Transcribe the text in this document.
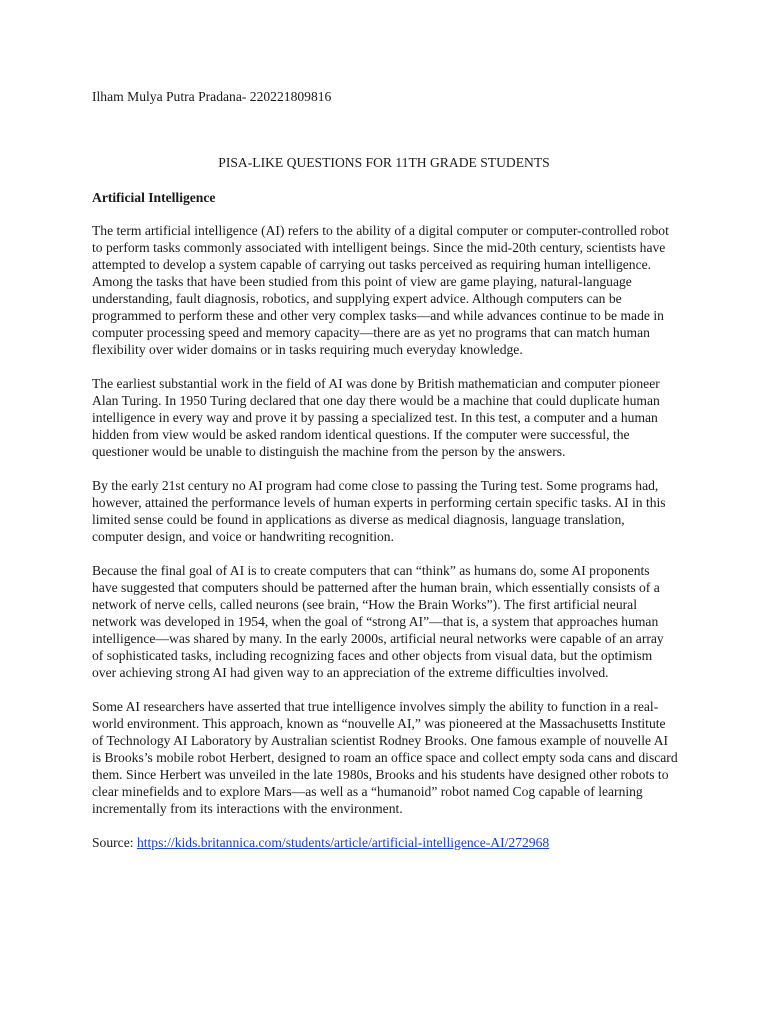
Ilham Mulya Putra Pradana- 220221809816

PISA-LIKE QUESTIONS FOR 11TH GRADE STUDENTS

Artificial Intelligence

The term artificial intelligence (AI) refers to the ability of a digital computer or computer-controlled robot to perform tasks commonly associated with intelligent beings. Since the mid-20th century, scientists have attempted to develop a system capable of carrying out tasks perceived as requiring human intelligence. Among the tasks that have been studied from this point of view are game playing, natural-language understanding, fault diagnosis, robotics, and supplying expert advice. Although computers can be programmed to perform these and other very complex tasks—and while advances continue to be made in computer processing speed and memory capacity—there are as yet no programs that can match human flexibility over wider domains or in tasks requiring much everyday knowledge.

The earliest substantial work in the field of AI was done by British mathematician and computer pioneer Alan Turing. In 1950 Turing declared that one day there would be a machine that could duplicate human intelligence in every way and prove it by passing a specialized test. In this test, a computer and a human hidden from view would be asked random identical questions. If the computer were successful, the questioner would be unable to distinguish the machine from the person by the answers.

By the early 21st century no AI program had come close to passing the Turing test. Some programs had, however, attained the performance levels of human experts in performing certain specific tasks. AI in this limited sense could be found in applications as diverse as medical diagnosis, language translation, computer design, and voice or handwriting recognition.

Because the final goal of AI is to create computers that can “think” as humans do, some AI proponents have suggested that computers should be patterned after the human brain, which essentially consists of a network of nerve cells, called neurons (see brain, “How the Brain Works”). The first artificial neural network was developed in 1954, when the goal of “strong AI”—that is, a system that approaches human intelligence—was shared by many. In the early 2000s, artificial neural networks were capable of an array of sophisticated tasks, including recognizing faces and other objects from visual data, but the optimism over achieving strong AI had given way to an appreciation of the extreme difficulties involved.

Some AI researchers have asserted that true intelligence involves simply the ability to function in a real-world environment. This approach, known as “nouvelle AI,” was pioneered at the Massachusetts Institute of Technology AI Laboratory by Australian scientist Rodney Brooks. One famous example of nouvelle AI is Brooks’s mobile robot Herbert, designed to roam an office space and collect empty soda cans and discard them. Since Herbert was unveiled in the late 1980s, Brooks and his students have designed other robots to clear minefields and to explore Mars—as well as a “humanoid” robot named Cog capable of learning incrementally from its interactions with the environment.

Source: https://kids.britannica.com/students/article/artificial-intelligence-AI/272968
